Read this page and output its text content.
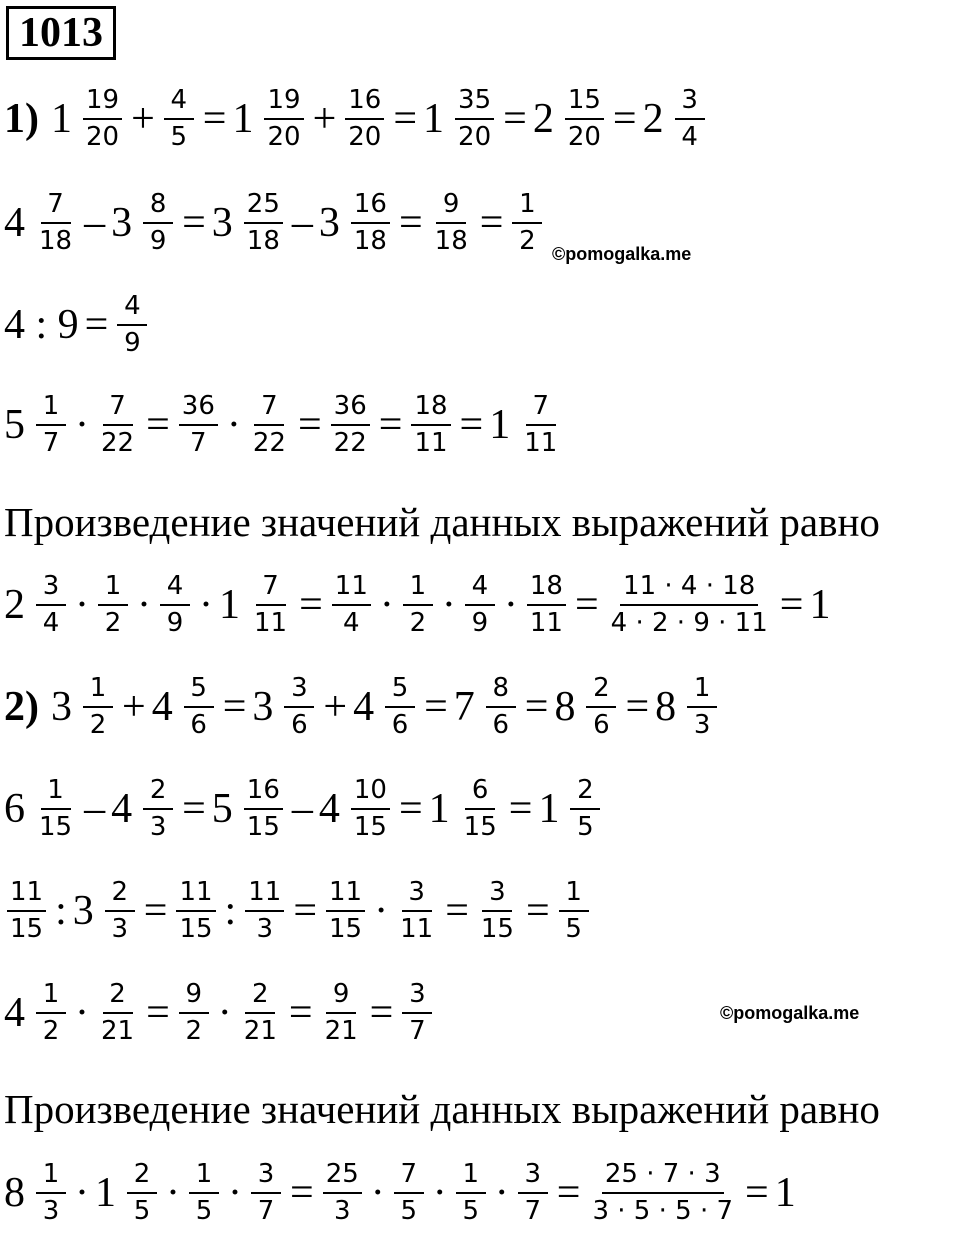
1013
1) $1 \frac{19}{20} + \frac{4}{5} = 1 \frac{19}{20} + \frac{16}{20} = 1 \frac{35}{20} = 2 \frac{15}{20} = 2 \frac{3}{4}$
$4 \frac{7}{18} - 3 \frac{8}{9} = 3 \frac{25}{18} - 3 \frac{16}{18} = \frac{9}{18} = \frac{1}{2}$ ©pomogalka.me
4 : $9 = \frac{4}{9}$
$5 \frac{1}{7} \cdot \frac{7}{22} = \frac{36}{7} \cdot \frac{7}{22} = \frac{36}{22} = \frac{18}{11} = 1 \frac{7}{11}$
Произведение значений данных выражений равно
$2 \frac{3}{4} \cdot \frac{1}{2} \cdot \frac{4}{9} \cdot 1 \frac{7}{11} = \frac{11}{4} \cdot \frac{1}{2} \cdot \frac{4}{9} \cdot \frac{18}{11} = \frac{11 \cdot 4 \cdot 18}{4 \cdot 2 \cdot 9 \cdot 11} = 1$
2) $3 \frac{1}{2} + 4 \frac{5}{6} = 3 \frac{3}{6} + 4 \frac{5}{6} = 7 \frac{8}{6} = 8 \frac{2}{6} = 8 \frac{1}{3}$
$6 \frac{1}{15} - 4 \frac{2}{3} = 5 \frac{16}{15} - 4 \frac{10}{15} = 1 \frac{6}{15} = 1 \frac{2}{5}$
$\frac{11}{15}$ : $3 \frac{2}{3} = \frac{11}{15}$ : $\frac{11}{3} = \frac{11}{15} \cdot \frac{3}{11} = \frac{3}{15} = \frac{1}{5}$
$4 \frac{1}{2} \cdot \frac{2}{21} = \frac{9}{2} \cdot \frac{2}{21} = \frac{9}{21} = \frac{3}{7}$	©pomogalka.me
Произведение значений данных выражений равно
$8 \frac{1}{3} \cdot 1 \frac{2}{5} \cdot \frac{1}{5} \cdot \frac{3}{7} = \frac{25}{3} \cdot \frac{7}{5} \cdot \frac{1}{5} \cdot \frac{3}{7} = \frac{25 \cdot 7 \cdot 3}{3 \cdot 5 \cdot 5 \cdot 7} = 1$
